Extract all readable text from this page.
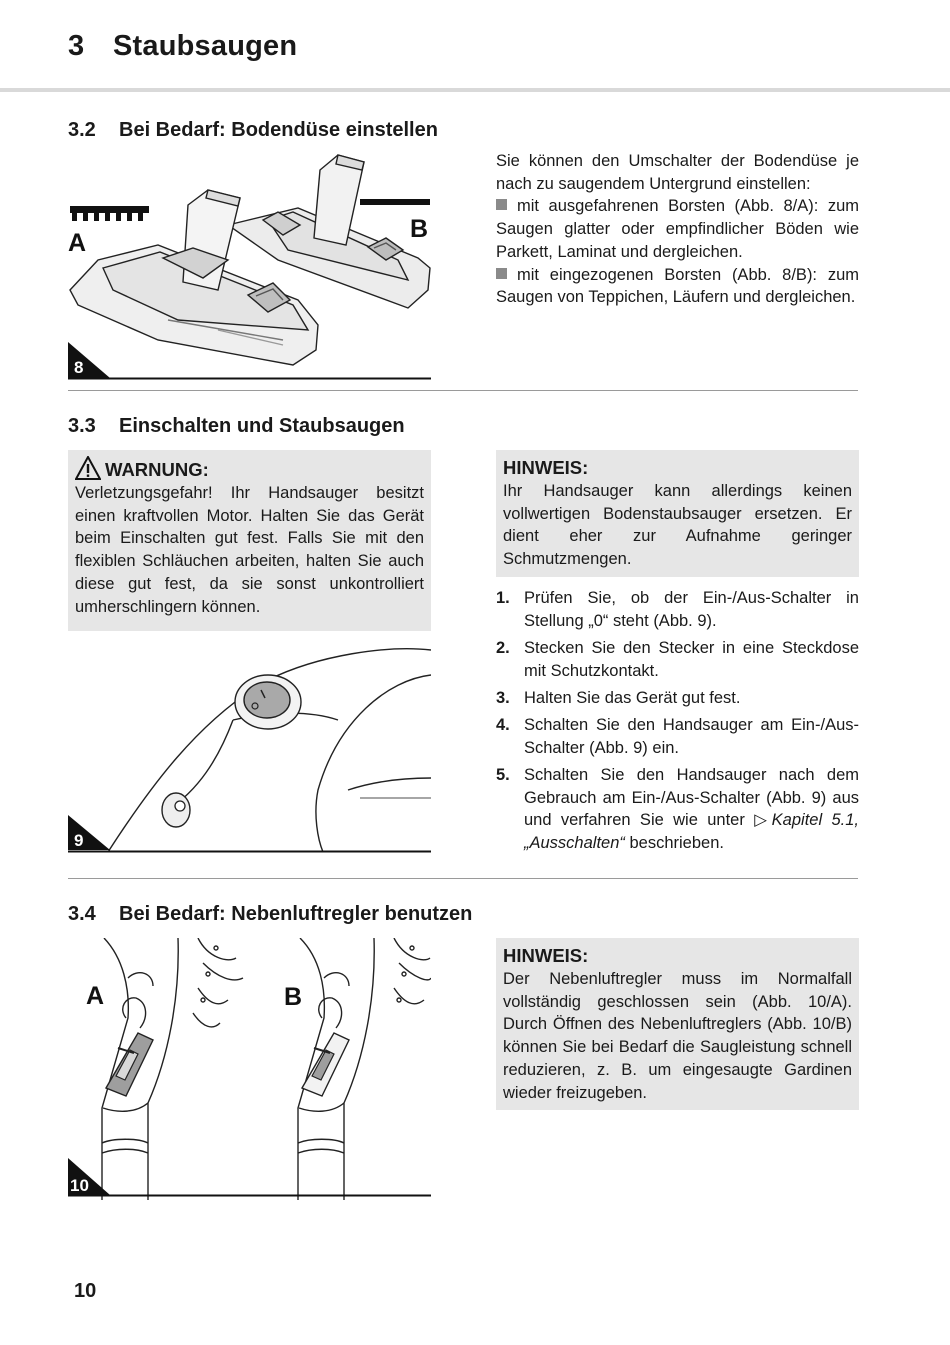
3 Staubsaugen
3.2 Bei Bedarf: Bodendüse einstellen
A	B
8

Sie können den Umschalter der Bodendüse je nach zu saugendem Untergrund einstellen:

mit ausgefahrenen Borsten (Abb. 8/A): zum Saugen glatter oder empfindlicher Böden wie Parkett, Laminat und dergleichen.

mit eingezogenen Borsten (Abb. 8/B): zum Saugen von Teppichen, Läufern und dergleichen.

3.3 Einschalten und Staubsaugen
WARNUNG:
Verletzungsgefahr! Ihr Handsauger besitzt einen kraftvollen Motor. Halten Sie das Gerät beim Einschalten gut fest. Falls Sie mit den flexiblen Schläuchen arbeiten, halten Sie auch diese gut fest, da sie sonst unkontrolliert umherschlingern können.
HINWEIS:
Ihr Handsauger kann allerdings keinen vollwertigen Bodenstaubsauger ersetzen. Er dient eher zur Aufnahme geringer Schmutzmengen.
9
1. Prüfen Sie, ob der Ein-/Aus-Schalter in Stellung „0“ steht (Abb. 9).
2. Stecken Sie den Stecker in eine Steckdose mit Schutzkontakt.
3. Halten Sie das Gerät gut fest.
4. Schalten Sie den Handsauger am Ein-/Aus-Schalter (Abb. 9) ein.
5. Schalten Sie den Handsauger nach dem Gebrauch am Ein-/Aus-Schalter (Abb. 9) aus und verfahren Sie wie unter ▷Kapitel 5.1, „Ausschalten“ beschrieben.
3.4 Bei Bedarf: Nebenluftregler benutzen
HINWEIS:
Der Nebenluftregler muss im Normalfall vollständig geschlossen sein (Abb. 10/A). Durch Öffnen des Nebenluftreglers (Abb. 10/B) können Sie bei Bedarf die Saugleistung schnell reduzieren, z. B. um eingesaugte Gardinen wieder freizugeben.
A	B
10
10
